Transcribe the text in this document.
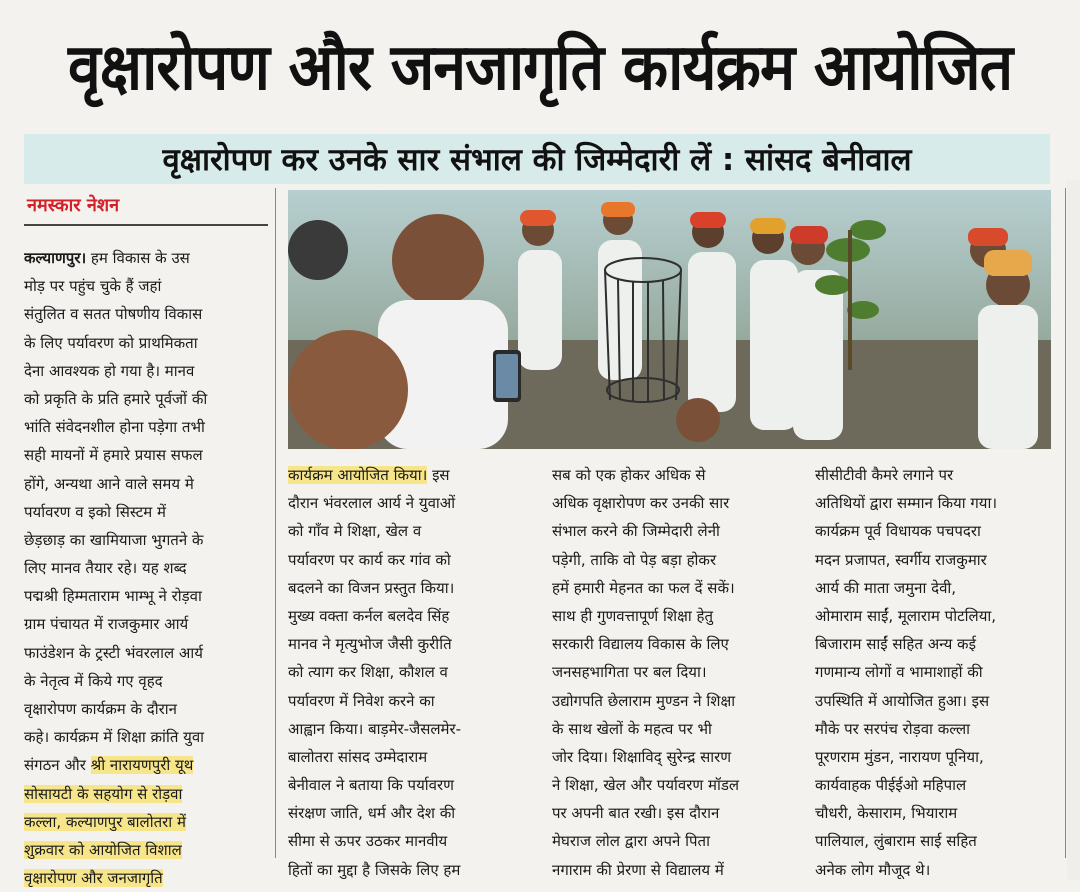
वृक्षारोपण और जनजागृति कार्यक्रम आयोजित
वृक्षारोपण कर उनके सार संभाल की जिम्मेदारी लें : सांसद बेनीवाल
नमस्कार नेशन
कल्याणपुर। हम विकास के उस
मोड़ पर पहुंच चुके हैं जहां
संतुलित व सतत पोषणीय विकास
के लिए पर्यावरण को प्राथमिकता
देना आवश्यक हो गया है। मानव
को प्रकृति के प्रति हमारे पूर्वजों की
भांति संवेदनशील होना पड़ेगा तभी
सही मायनों में हमारे प्रयास सफल
होंगे, अन्यथा आने वाले समय मे
पर्यावरण व इको सिस्टम में
छेड़छाड़ का खामियाजा भुगतने के
लिए मानव तैयार रहे। यह शब्द
पद्मश्री हिम्मताराम भाम्भू ने रोड़वा
ग्राम पंचायत में राजकुमार आर्य
फाउंडेशन के ट्रस्टी भंवरलाल आर्य
के नेतृत्व में किये गए वृहद
वृक्षारोपण कार्यक्रम के दौरान
कहे। कार्यक्रम में शिक्षा क्रांति युवा
संगठन और श्री नारायणपुरी यूथ
सोसायटी के सहयोग से रोड़वा
कल्ला, कल्याणपुर बालोतरा में
शुक्रवार को आयोजित विशाल
वृक्षारोपण और जनजागृति
कार्यक्रम आयोजित किया। इस
दौरान भंवरलाल आर्य ने युवाओं
को गाँव मे शिक्षा, खेल व
पर्यावरण पर कार्य कर गांव को
बदलने का विजन प्रस्तुत किया।
मुख्य वक्ता कर्नल बलदेव सिंह
मानव ने मृत्युभोज जैसी कुरीति
को त्याग कर शिक्षा, कौशल व
पर्यावरण में निवेश करने का
आह्वान किया। बाड़मेर-जैसलमेर-
बालोतरा सांसद उम्मेदाराम
बेनीवाल ने बताया कि पर्यावरण
संरक्षण जाति, धर्म और देश की
सीमा से ऊपर उठकर मानवीय
हितों का मुद्दा है जिसके लिए हम
सब को एक होकर अधिक से
अधिक वृक्षारोपण कर उनकी सार
संभाल करने की जिम्मेदारी लेनी
पड़ेगी, ताकि वो पेड़ बड़ा होकर
हमें हमारी मेहनत का फल दें सकें।
साथ ही गुणवत्तापूर्ण शिक्षा हेतु
सरकारी विद्यालय विकास के लिए
जनसहभागिता पर बल दिया।
उद्योगपति छेलाराम मुण्डन ने शिक्षा
के साथ खेलों के महत्व पर भी
जोर दिया। शिक्षाविद् सुरेन्द्र सारण
ने शिक्षा, खेल और पर्यावरण मॉडल
पर अपनी बात रखी। इस दौरान
मेघराज लोल द्वारा अपने पिता
नगाराम की प्रेरणा से विद्यालय में
सीसीटीवी कैमरे लगाने पर
अतिथियों द्वारा सम्मान किया गया।
कार्यक्रम पूर्व विधायक पचपदरा
मदन प्रजापत, स्वर्गीय राजकुमार
आर्य की माता जमुना देवी,
ओमाराम साईं, मूलाराम पोटलिया,
बिजाराम साईं सहित अन्य कई
गणमान्य लोगों व भामाशाहों की
उपस्थिति में आयोजित हुआ। इस
मौके पर सरपंच रोड़वा कल्ला
पूरणराम मुंडन, नारायण पूनिया,
कार्यवाहक पीईईओ महिपाल
चौधरी, केसाराम, भियाराम
पालियाल, लुंबाराम साई सहित
अनेक लोग मौजूद थे।
